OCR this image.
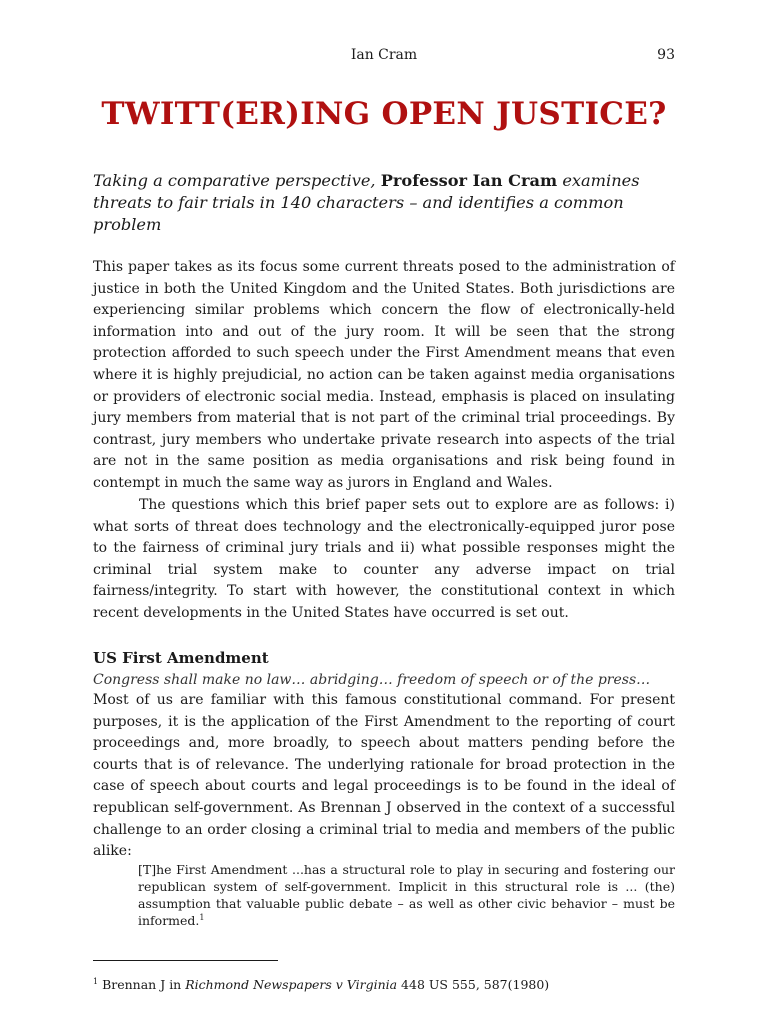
Ian Cram	93
TWITT(ER)ING OPEN JUSTICE?

Taking a comparative perspective, Professor Ian Cram examines threats to fair trials in 140 characters – and identifies a common problem

This paper takes as its focus some current threats posed to the administration of justice in both the United Kingdom and the United States. Both jurisdictions are experiencing similar problems which concern the flow of electronically-held information into and out of the jury room. It will be seen that the strong protection afforded to such speech under the First Amendment means that even where it is highly prejudicial, no action can be taken against media organisations or providers of electronic social media. Instead, emphasis is placed on insulating jury members from material that is not part of the criminal trial proceedings. By contrast, jury members who undertake private research into aspects of the trial are not in the same position as media organisations and risk being found in contempt in much the same way as jurors in England and Wales.

The questions which this brief paper sets out to explore are as follows: i) what sorts of threat does technology and the electronically-equipped juror pose to the fairness of criminal jury trials and ii) what possible responses might the criminal trial system make to counter any adverse impact on trial fairness/integrity. To start with however, the constitutional context in which recent developments in the United States have occurred is set out.

US First Amendment

Congress shall make no law… abridging… freedom of speech or of the press…

Most of us are familiar with this famous constitutional command. For present purposes, it is the application of the First Amendment to the reporting of court proceedings and, more broadly, to speech about matters pending before the courts that is of relevance. The underlying rationale for broad protection in the case of speech about courts and legal proceedings is to be found in the ideal of republican self-government. As Brennan J observed in the context of a successful challenge to an order closing a criminal trial to media and members of the public alike:

[T]he First Amendment ...has a structural role to play in securing and fostering our republican system of self-government. Implicit in this structural role is ... (the) assumption that valuable public debate – as well as other civic behavior – must be informed.$^1$

$^1$ Brennan J in Richmond Newspapers v Virginia 448 US 555, 587(1980)
